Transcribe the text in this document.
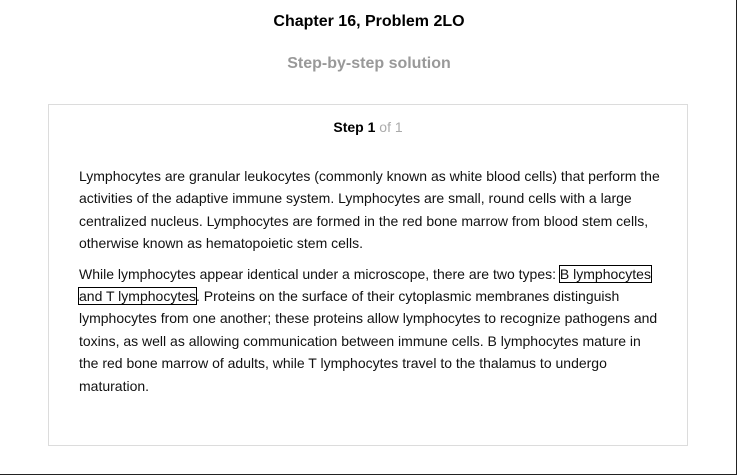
Chapter 16, Problem 2LO
Step-by-step solution
Step 1 of 1

Lymphocytes are granular leukocytes (commonly known as white blood cells) that perform the activities of the adaptive immune system. Lymphocytes are small, round cells with a large centralized nucleus. Lymphocytes are formed in the red bone marrow from blood stem cells, otherwise known as hematopoietic stem cells.

While lymphocytes appear identical under a microscope, there are two types: B lymphocytes and T lymphocytes. Proteins on the surface of their cytoplasmic membranes distinguish lymphocytes from one another; these proteins allow lymphocytes to recognize pathogens and toxins, as well as allowing communication between immune cells. B lymphocytes mature in the red bone marrow of adults, while T lymphocytes travel to the thalamus to undergo maturation.
